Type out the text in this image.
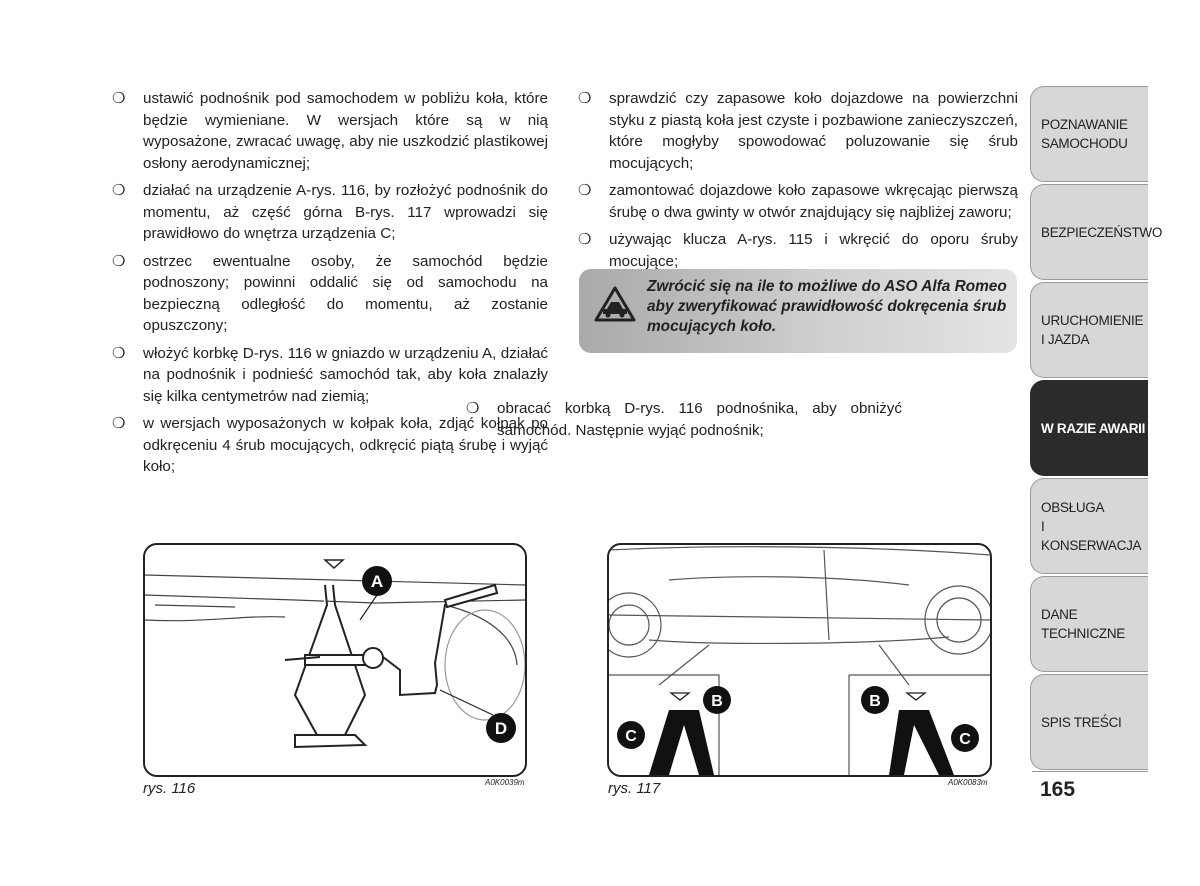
❍ ustawić podnośnik pod samochodem w pobliżu koła, które będzie wymieniane. W wersjach które są w nią wyposażone, zwracać uwagę, aby nie uszkodzić plastikowej osłony aerodynamicznej;
❍ działać na urządzenie A-rys. 116, by rozłożyć podnośnik do momentu, aż część górna B-rys. 117 wprowadzi się prawidłowo do wnętrza urządzenia C;
❍ ostrzec ewentualne osoby, że samochód będzie podnoszony; powinni oddalić się od samochodu na bezpieczną odległość do momentu, aż zostanie opuszczony;
❍ włożyć korbkę D-rys. 116 w gniazdo w urządzeniu A, działać na podnośnik i podnieść samochód tak, aby koła znalazły się kilka centymetrów nad ziemią;
❍ w wersjach wyposażonych w kołpak koła, zdjąć kołpak po odkręceniu 4 śrub mocujących, odkręcić piątą śrubę i wyjąć koło;
❍ sprawdzić czy zapasowe koło dojazdowe na powierzchni styku z piastą koła jest czyste i pozbawione zanieczyszczeń, które mogłyby spowodować poluzowanie się śrub mocujących;
❍ zamontować dojazdowe koło zapasowe wkręcając pierwszą śrubę o dwa gwinty w otwór znajdujący się najbliżej zaworu;
❍ używając klucza A-rys. 115 i wkręcić do oporu śruby mocujące;
Zwrócić się na ile to możliwe do ASO Alfa Romeo aby zweryfikować prawidłowość dokręcenia śrub mocujących koło.
❍ obracać korbką D-rys. 116 podnośnika, aby obniżyć samochód. Następnie wyjąć podnośnik;
A
D
rys. 116	A0K0039m
B
C
B
C
rys. 117	A0K0083m
POZNAWANIE
SAMOCHODU
BEZPIECZEŃSTWO
URUCHOMIENIE
I JAZDA
W RAZIE AWARII
OBSŁUGA
I KONSERWACJA
DANE
TECHNICZNE
SPIS TREŚCI
165
